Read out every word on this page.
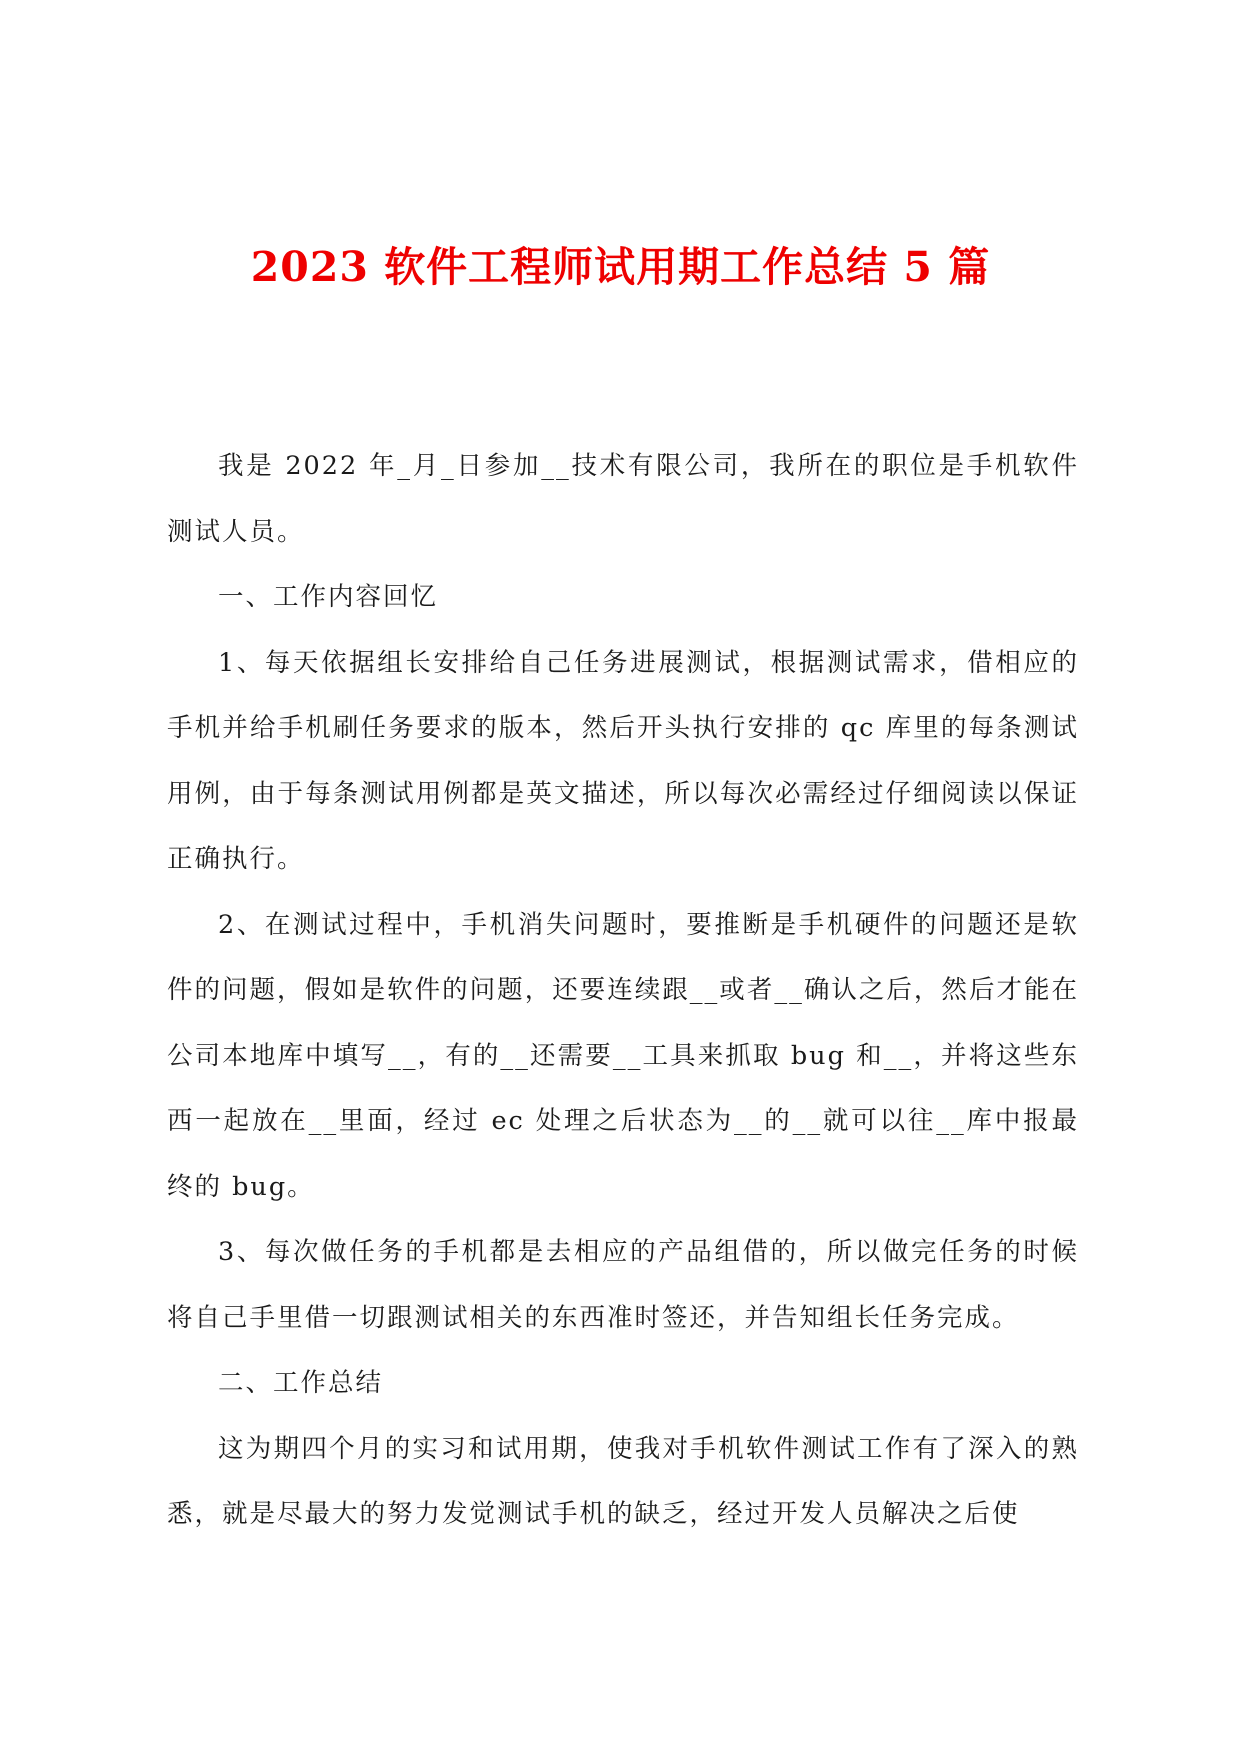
2023 软件工程师试用期工作总结 5 篇

我是 2022 年_月_日参加__技术有限公司，我所在的职位是手机软件测试人员。

一、工作内容回忆

1、每天依据组长安排给自己任务进展测试，根据测试需求，借相应的手机并给手机刷任务要求的版本，然后开头执行安排的 qc 库里的每条测试用例，由于每条测试用例都是英文描述，所以每次必需经过仔细阅读以保证正确执行。

2、在测试过程中，手机消失问题时，要推断是手机硬件的问题还是软件的问题，假如是软件的问题，还要连续跟__或者__确认之后，然后才能在公司本地库中填写__，有的__还需要__工具来抓取 bug 和__，并将这些东西一起放在__里面，经过 ec 处理之后状态为__的__就可以往__库中报最终的 bug。

3、每次做任务的手机都是去相应的产品组借的，所以做完任务的时候将自己手里借一切跟测试相关的东西准时签还，并告知组长任务完成。

二、工作总结

这为期四个月的实习和试用期，使我对手机软件测试工作有了深入的熟悉，就是尽最大的努力发觉测试手机的缺乏，经过开发人员解决之后使
